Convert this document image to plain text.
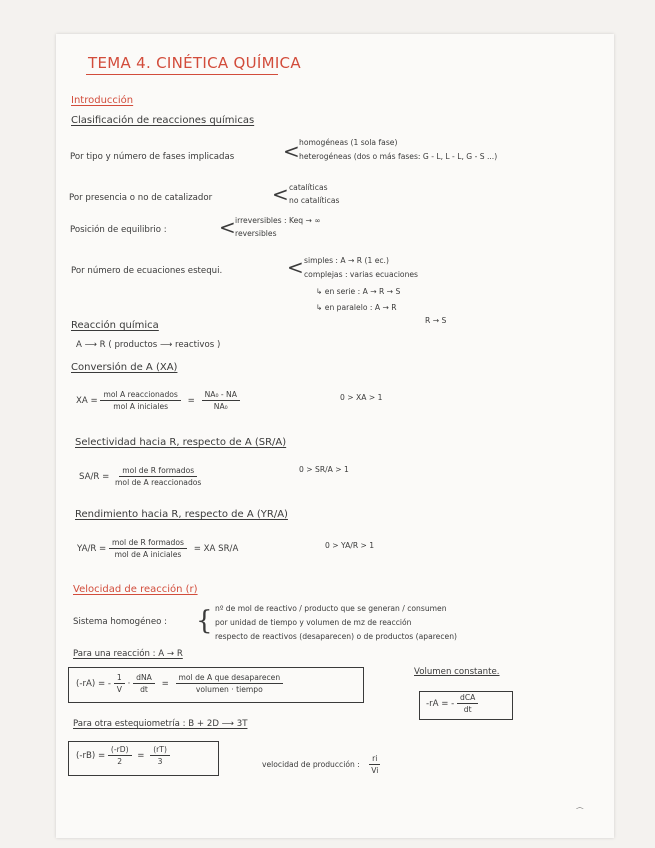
TEMA 4. CINÉTICA QUÍMICA
Introducción
Clasificación de reacciones químicas
Por tipo y número de fases implicadas < homogéneas (1 sola fase)
heterogéneas (dos o más fases: G - L, L - L, G - S ...)
Por presencia o no de catalizador	< catalíticas
no catalíticas
Posición de equilibrio :	< irreversibles : Keq → ∞
reversibles
Por número de ecuaciones estequi.	< simples : A → R (1 ec.)
complejas : varias ecuaciones
↳ en serie : A → R → S
↳ en paralelo : A → R
R → S
Reacción química
A ⟶ R ( productos ⟶ reactivos )
Conversión de A (XA)
XA = $\frac{\text{mol A reaccionados}}{\text{mol A iniciales}} = \frac{\text{NA₀ - NA}}{\text{NA₀}}$	0 > XA > 1
Selectividad hacia R, respecto de A (SR/A)
$SA/R = \frac{\text{mol de R formados}}{\text{mol de A reaccionados}}$	0 > SR/A > 1
Rendimiento hacia R, respecto de A (YR/A)
$YA/R = \frac{\text{mol de R formados}}{\text{mol de A iniciales}}$ = XA SR/A	0 > YA/R > 1
Velocidad de reacción (r)
Sistema homogéneo : { nº de mol de reactivo / producto que se generan / consumen
por unidad de tiempo y volumen de mz de reacción
respecto de reactivos (desaparecen) o de productos (aparecen)
Para una reacción : A → R
(-rA) = - $\frac{1}{V} \cdot \frac{\text{dNA}}{dt} = \frac{\text{mol de A que desaparecen}}{\text{volumen · tiempo}}$
Volumen constante.
-rA = - $\frac{\text{dCA}}{dt}$
Para otra estequiometría : B + 2D ⟶ 3T
$(-rB) = \frac{(-rD)}{2} = \frac{(rT)}{3}$	velocidad de producción : $\frac{ri}{Vi}$
⌒
